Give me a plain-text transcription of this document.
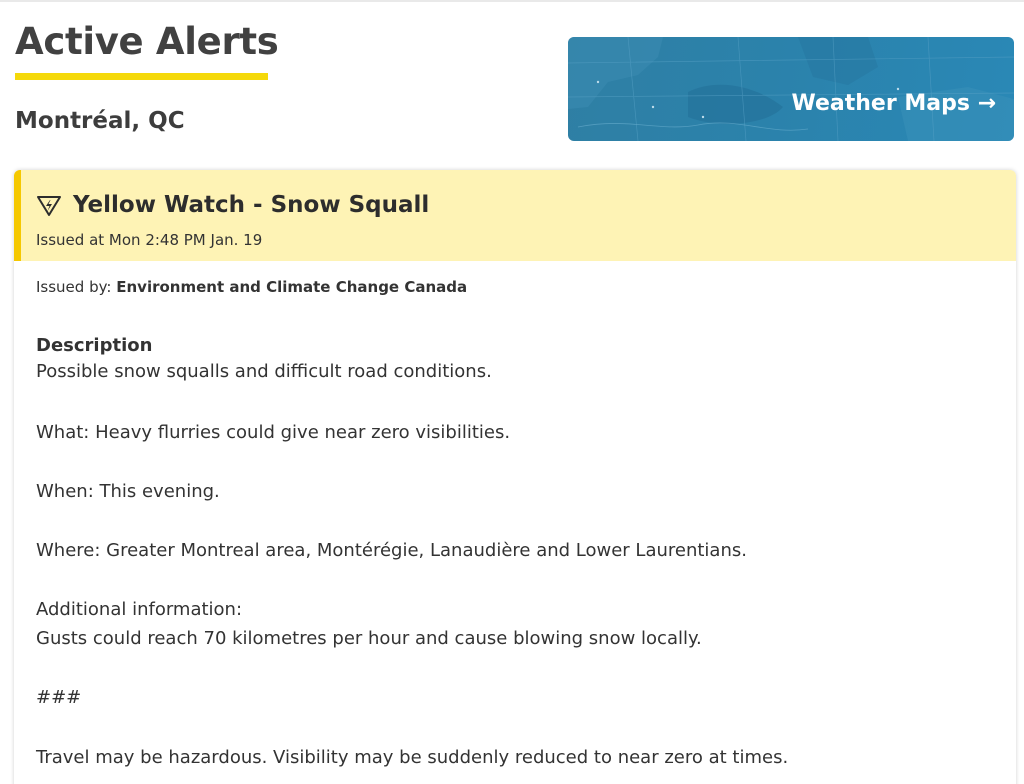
Active Alerts
Montréal, QC
Weather Maps →
Yellow Watch - Snow Squall
Issued at Mon 2:48 PM Jan. 19
Issued by: Environment and Climate Change Canada
Description

Possible snow squalls and difficult road conditions.

What: Heavy flurries could give near zero visibilities.

When: This evening.

Where: Greater Montreal area, Montérégie, Lanaudière and Lower Laurentians.

Additional information:

Gusts could reach 70 kilometres per hour and cause blowing snow locally.

###

Travel may be hazardous. Visibility may be suddenly reduced to near zero at times.
